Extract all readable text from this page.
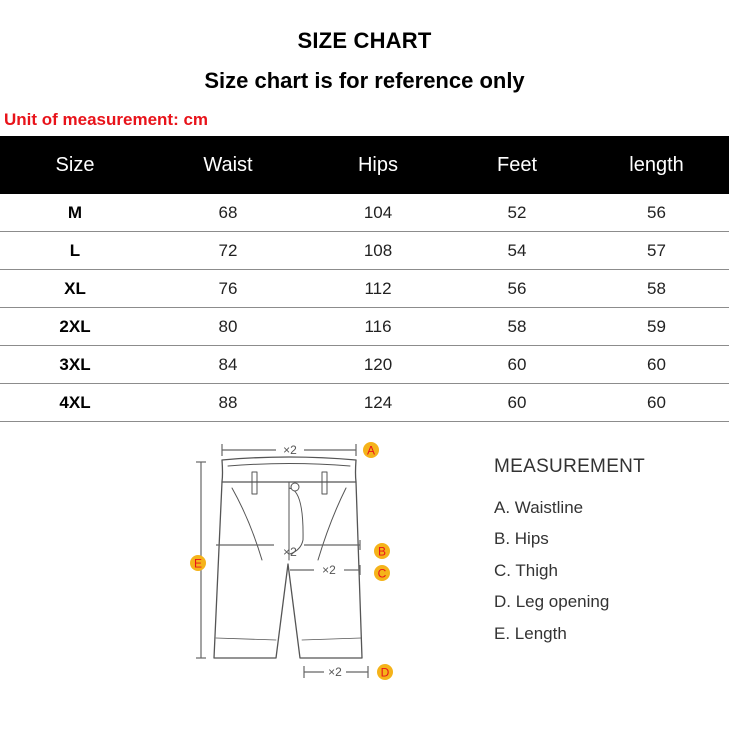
SIZE CHART
Size chart is for reference only
Unit of measurement: cm
Size	Waist	Hips	Feet	length
M	68	104	52	56
L	72	108	54	57
XL	76	112	56	58
2XL	80	116	58	59
3XL	84	120	60	60
4XL	88	124	60	60
×2
×2
×2
×2
A
B
C
D
E
MEASUREMENT
A. Waistline
B. Hips
C. Thigh
D. Leg opening
E. Length
